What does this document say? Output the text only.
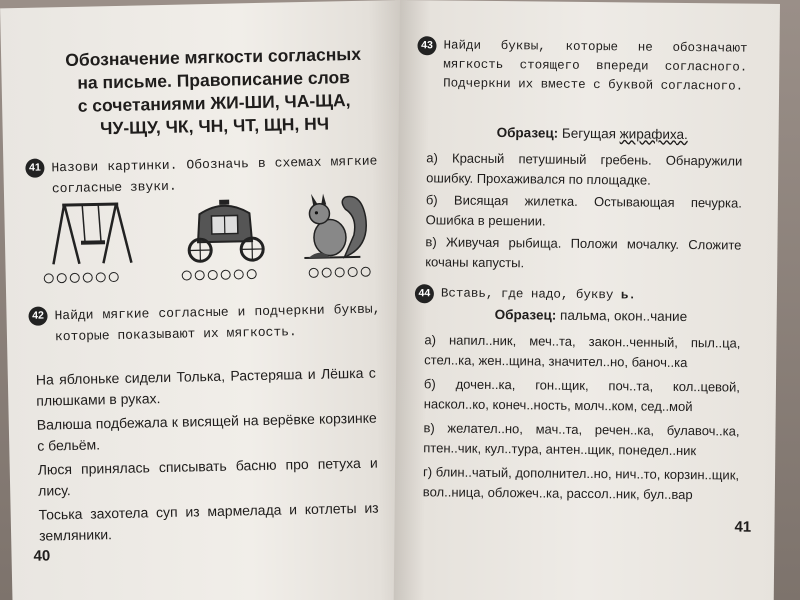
Обозначение мягкости согласных
на письме. Правописание слов
с сочетаниями ЖИ-ШИ, ЧА-ЩА,
ЧУ-ЩУ, ЧК, ЧН, ЧТ, ЩН, НЧ
41 Назови картинки. Обозначь в схемах мягкие согласные звуки.
42 Найди мягкие согласные и подчеркни буквы, которые показывают их мягкость.
На яблоньке сидели Толька, Растеряша и Лёшка с плюшками в руках.
Валюша подбежала к висящей на верёвке корзинке с бельём.
Люся принялась списывать басню про петуха и лису.
Тоська захотела суп из мармелада и котлеты из земляники.
40
43 Найди буквы, которые не обозначают мягкость стоящего впереди согласного. Подчеркни их вместе с буквой согласного.
Образец: Бегущая жирафиха.
а) Красный петушиный гребень. Обнаружили ошибку. Прохаживался по площадке.
б) Висящая жилетка. Остывающая печурка. Ошибка в решении.
в) Живучая рыбища. Положи мочалку. Сложите кочаны капусты.
44 Вставь, где надо, букву ь.
Образец: пальма, окон..чание
а) напил..ник, меч..та, закон..ченный, пыл..ца, стел..ка, жен..щина, значител..но, баноч..ка
б) дочен..ка, гон..щик, поч..та, кол..цевой, наскол..ко, конеч..ность, молч..ком, сед..мой
в) желател..но, мач..та, речен..ка, булавоч..ка, птен..чик, кул..тура, антен..щик, понедел..ник
г) блин..чатый, дополнител..но, нич..то, корзин..щик, вол..ница, обложеч..ка, рассол..ник, бул..вар
41
